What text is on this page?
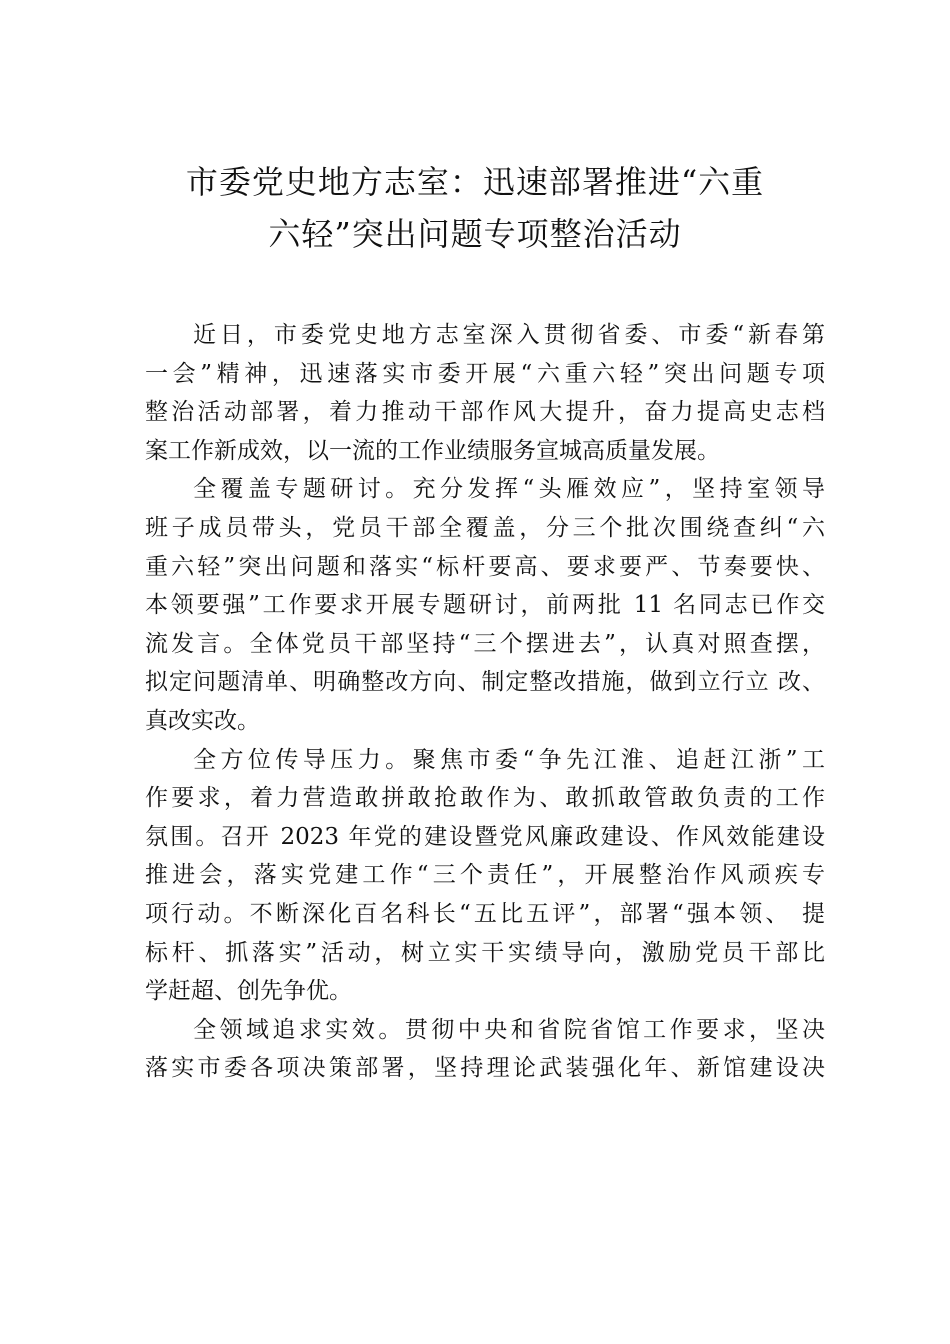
市委党史地方志室：迅速部署推进“六重
六轻”突出问题专项整治活动
近日，市委党史地方志室深入贯彻省委、市委“新春第
一会”精神，迅速落实市委开展“六重六轻”突出问题专项
整治活动部署，着力推动干部作风大提升，奋力提高史志档
案工作新成效，以一流的工作业绩服务宣城高质量发展。
全覆盖专题研讨。充分发挥“头雁效应”，坚持室领导
班子成员带头，党员干部全覆盖，分三个批次围绕查纠“六
重六轻”突出问题和落实“标杆要高、要求要严、节奏要快、
本领要强”工作要求开展专题研讨，前两批 11 名同志已作交
流发言。全体党员干部坚持“三个摆进去”，认真对照查摆，
拟定问题清单、明确整改方向、制定整改措施，做到立行立 改、
真改实改。
全方位传导压力。聚焦市委“争先江淮、追赶江浙”工
作要求，着力营造敢拼敢抢敢作为、敢抓敢管敢负责的工作
氛围。召开 2023 年党的建设暨党风廉政建设、作风效能建设
推进会，落实党建工作“三个责任”，开展整治作风顽疾专
项行动。不断深化百名科长“五比五评”，部署“强本领、 提
标杆、抓落实”活动，树立实干实绩导向，激励党员干部比
学赶超、创先争优。
全领域追求实效。贯彻中央和省院省馆工作要求，坚决
落实市委各项决策部署，坚持理论武装强化年、新馆建设决
